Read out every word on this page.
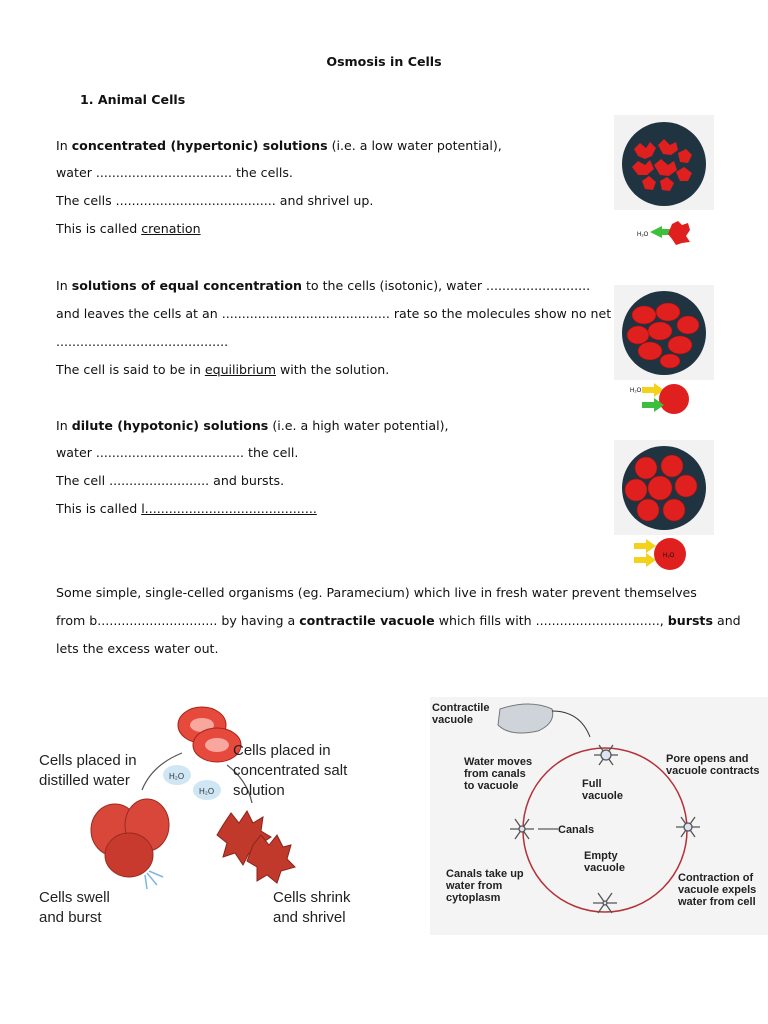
Osmosis in Cells
1. Animal Cells
In concentrated (hypertonic) solutions (i.e. a low water potential),
water .................................. the cells.
The cells ........................................ and shrivel up.
This is called crenation
In solutions of equal concentration to the cells (isotonic), water ..........................
and leaves the cells at an .......................................... rate so the molecules show no net
...........................................
The cell is said to be in equilibrium with the solution.
In dilute (hypotonic) solutions (i.e. a high water potential),
water ..................................... the cell.
The cell ......................... and bursts.
This is called l...........................................
Some simple, single-celled organisms (eg. Paramecium) which live in fresh water prevent themselves
from b.............................. by having a contractile vacuole which fills with ..............................., bursts and
lets the excess water out.
H₂O
H₂O
H₂O
H₂O
H₂O
Cells placed in distilled water
Cells placed in concentrated salt solution
Cells swell and burst
Cells shrink and shrivel
Contractile vacuole
Water moves from canals to vacuole	Full vacuole
Pore opens and vacuole contracts
Canals
Empty vacuole
Canals take up water from cytoplasm
Contraction of vacuole expels water from cell
